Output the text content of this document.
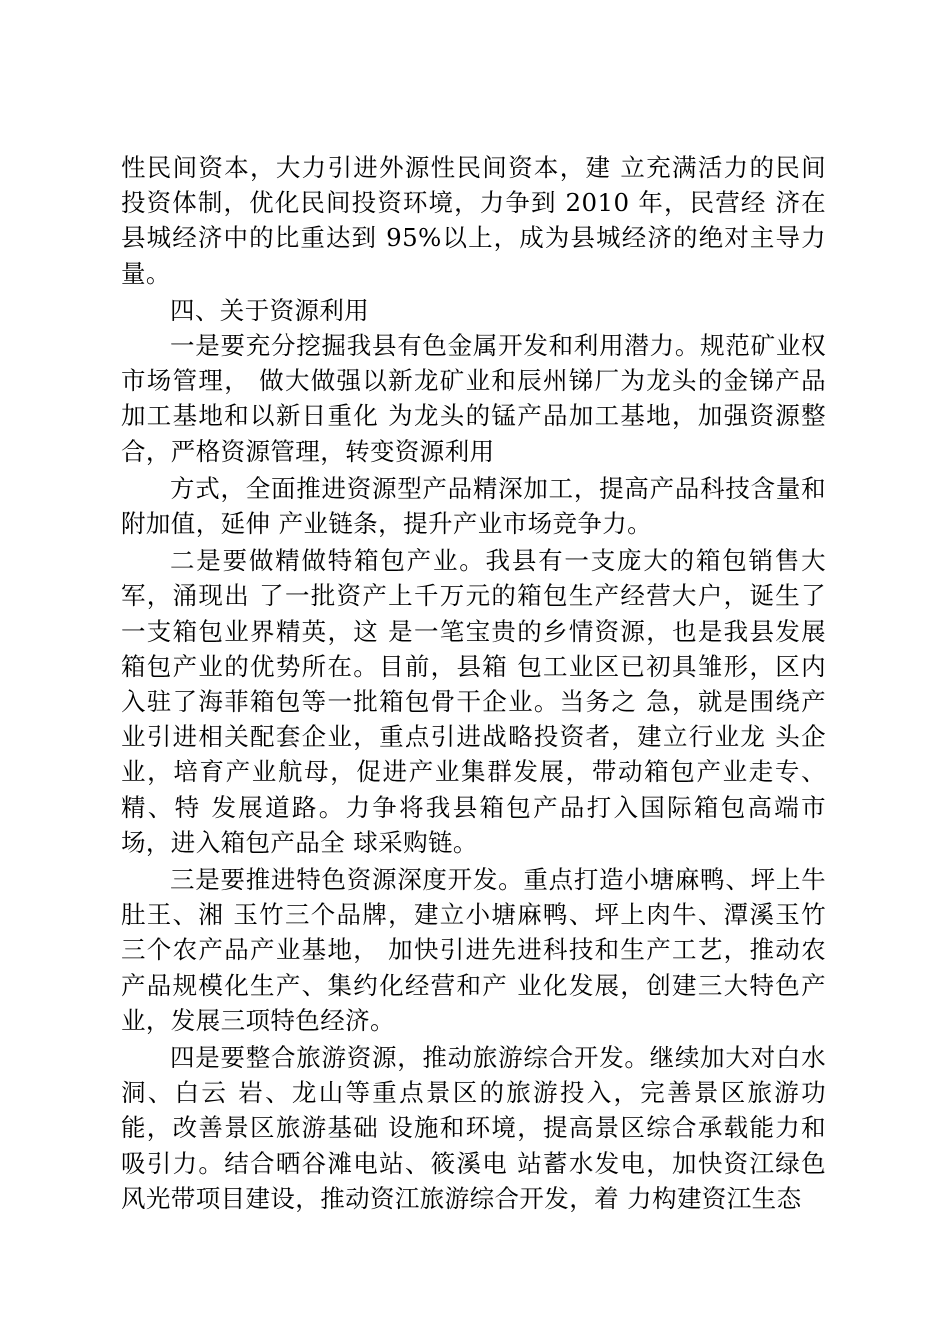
性民间资本，大力引进外源性民间资本，建 立充满活力的民间投资体制，优化民间投资环境，力争到 2010 年，民营经 济在县城经济中的比重达到 95%以上，成为县城经济的绝对主导力量。

四、关于资源利用

一是要充分挖掘我县有色金属开发和利用潜力。规范矿业权市场管理， 做大做强以新龙矿业和辰州锑厂为龙头的金锑产品加工基地和以新日重化 为龙头的锰产品加工基地，加强资源整合，严格资源管理，转变资源利用

方式，全面推进资源型产品精深加工，提高产品科技含量和附加值，延伸 产业链条，提升产业市场竞争力。

二是要做精做特箱包产业。我县有一支庞大的箱包销售大军，涌现出 了一批资产上千万元的箱包生产经营大户，诞生了一支箱包业界精英，这 是一笔宝贵的乡情资源，也是我县发展箱包产业的优势所在。目前，县箱 包工业区已初具雏形，区内入驻了海菲箱包等一批箱包骨干企业。当务之 急，就是围绕产业引进相关配套企业，重点引进战略投资者，建立行业龙 头企业，培育产业航母，促进产业集群发展，带动箱包产业走专、精、特 发展道路。力争将我县箱包产品打入国际箱包高端市场，进入箱包产品全 球采购链。

三是要推进特色资源深度开发。重点打造小塘麻鸭、坪上牛肚王、湘 玉竹三个品牌，建立小塘麻鸭、坪上肉牛、潭溪玉竹三个农产品产业基地， 加快引进先进科技和生产工艺，推动农产品规模化生产、集约化经营和产 业化发展，创建三大特色产业，发展三项特色经济。

四是要整合旅游资源，推动旅游综合开发。继续加大对白水洞、白云 岩、龙山等重点景区的旅游投入，完善景区旅游功能，改善景区旅游基础 设施和环境，提高景区综合承载能力和吸引力。结合晒谷滩电站、筱溪电 站蓄水发电，加快资江绿色风光带项目建设，推动资江旅游综合开发，着 力构建资江生态
